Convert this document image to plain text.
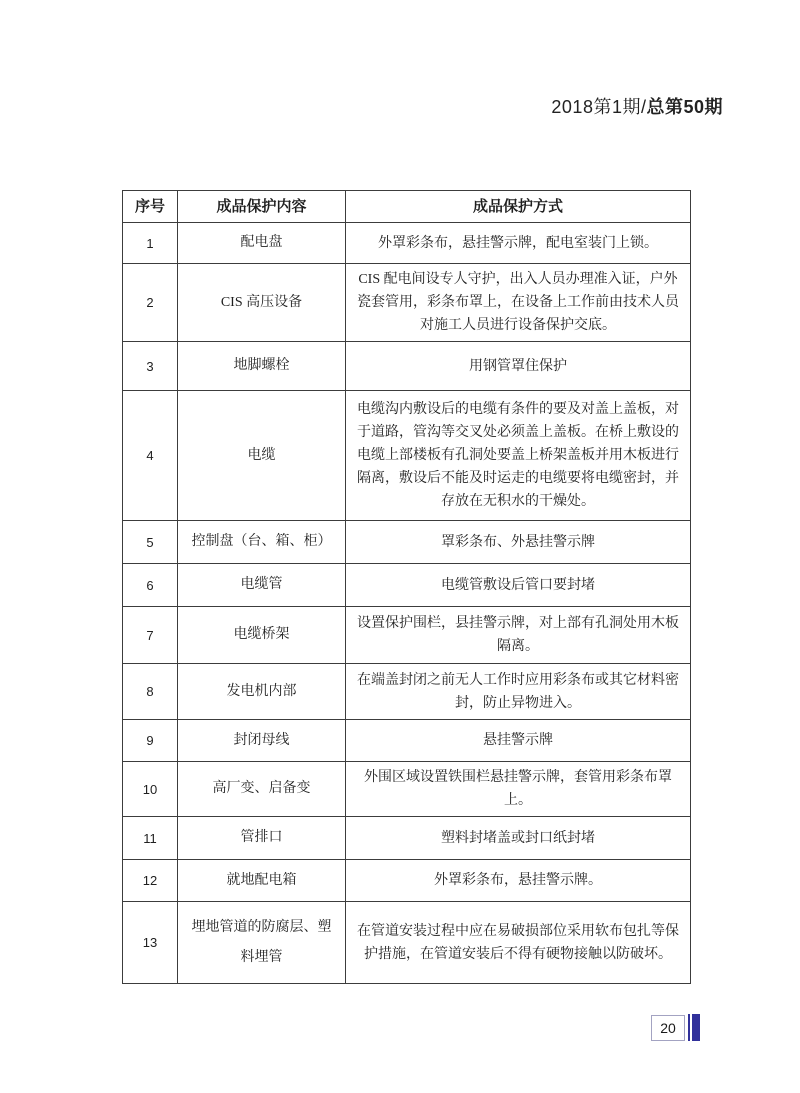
2018第1期/总第50期
序号	成品保护内容	成品保护方式
1	配电盘	外罩彩条布，悬挂警示牌，配电室装门上锁。
2	CIS 高压设备	CIS 配电间设专人守护，出入人员办理准入证，户外瓷套管用，彩条布罩上，在设备上工作前由技术人员对施工人员进行设备保护交底。
3	地脚螺栓	用钢管罩住保护
4	电缆	电缆沟内敷设后的电缆有条件的要及对盖上盖板，对于道路，管沟等交叉处必须盖上盖板。在桥上敷设的电缆上部楼板有孔洞处要盖上桥架盖板并用木板进行隔离，敷设后不能及时运走的电缆要将电缆密封，并存放在无积水的干燥处。
5	控制盘（台、箱、柜）	罩彩条布、外悬挂警示牌
6	电缆管	电缆管敷设后管口要封堵
7	电缆桥架	设置保护围栏，县挂警示牌，对上部有孔洞处用木板隔离。
8	发电机内部	在端盖封闭之前无人工作时应用彩条布或其它材料密封，防止异物进入。
9	封闭母线	悬挂警示牌
10	高厂变、启备变	外围区域设置铁围栏悬挂警示牌，套管用彩条布罩上。
11	管排口	塑料封堵盖或封口纸封堵
12	就地配电箱	外罩彩条布，悬挂警示牌。
13	埋地管道的防腐层、塑料埋管	在管道安装过程中应在易破损部位采用软布包扎等保护措施，在管道安装后不得有硬物接触以防破坏。
20
